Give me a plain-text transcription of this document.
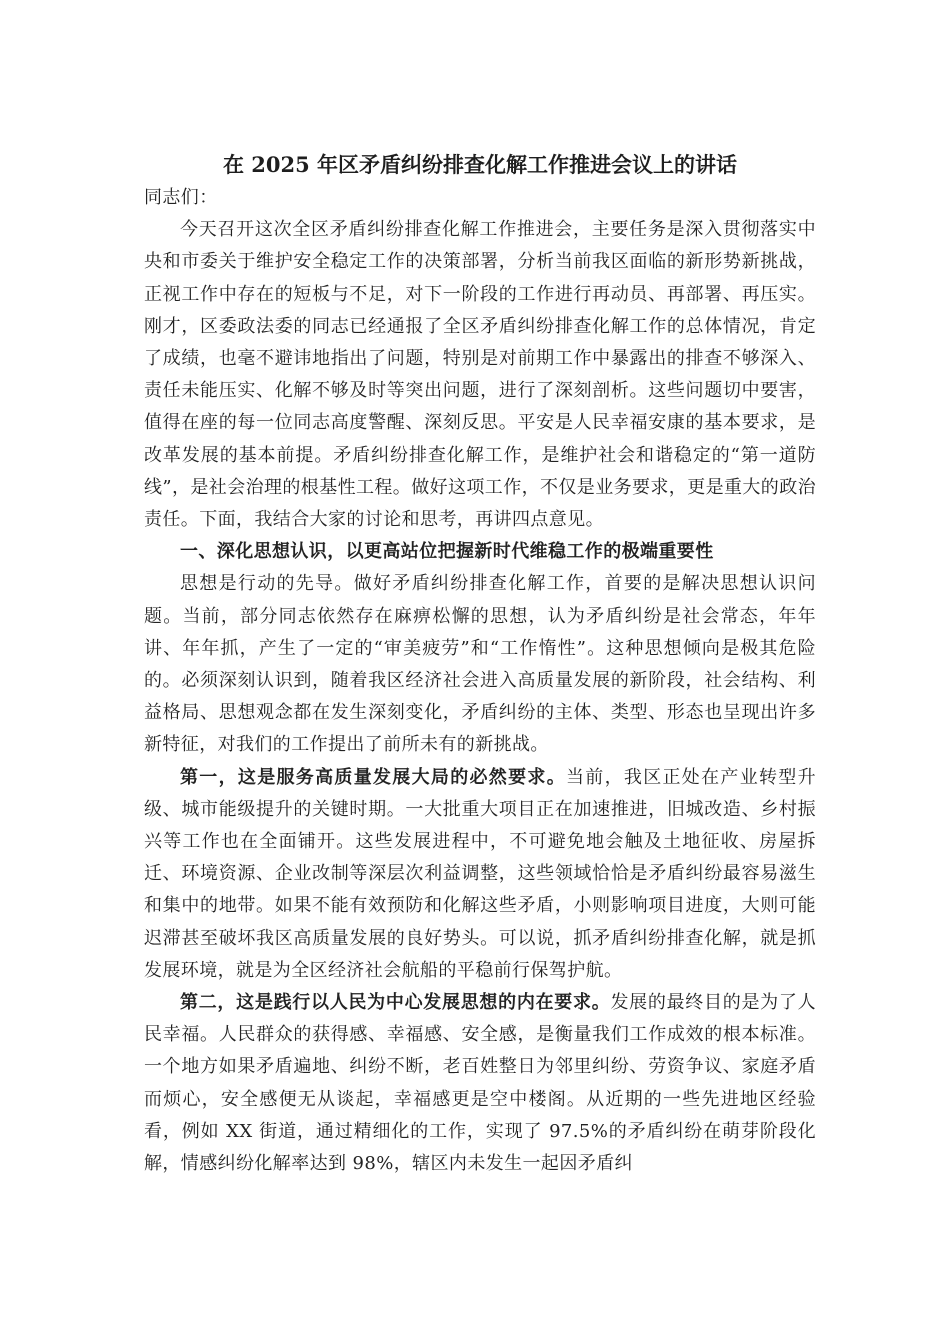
在 2025 年区矛盾纠纷排查化解工作推进会议上的讲话

同志们：

今天召开这次全区矛盾纠纷排查化解工作推进会，主要任务是深入贯彻落实中央和市委关于维护安全稳定工作的决策部署，分析当前我区面临的新形势新挑战，正视工作中存在的短板与不足，对下一阶段的工作进行再动员、再部署、再压实。刚才，区委政法委的同志已经通报了全区矛盾纠纷排查化解工作的总体情况，肯定了成绩，也毫不避讳地指出了问题，特别是对前期工作中暴露出的排查不够深入、责任未能压实、化解不够及时等突出问题，进行了深刻剖析。这些问题切中要害，值得在座的每一位同志高度警醒、深刻反思。平安是人民幸福安康的基本要求，是改革发展的基本前提。矛盾纠纷排查化解工作，是维护社会和谐稳定的“第一道防线”，是社会治理的根基性工程。做好这项工作，不仅是业务要求，更是重大的政治责任。下面，我结合大家的讨论和思考，再讲四点意见。

一、深化思想认识，以更高站位把握新时代维稳工作的极端重要性

思想是行动的先导。做好矛盾纠纷排查化解工作，首要的是解决思想认识问题。当前，部分同志依然存在麻痹松懈的思想，认为矛盾纠纷是社会常态，年年讲、年年抓，产生了一定的“审美疲劳”和“工作惰性”。这种思想倾向是极其危险的。必须深刻认识到，随着我区经济社会进入高质量发展的新阶段，社会结构、利益格局、思想观念都在发生深刻变化，矛盾纠纷的主体、类型、形态也呈现出许多新特征，对我们的工作提出了前所未有的新挑战。

第一，这是服务高质量发展大局的必然要求。当前，我区正处在产业转型升级、城市能级提升的关键时期。一大批重大项目正在加速推进，旧城改造、乡村振兴等工作也在全面铺开。这些发展进程中，不可避免地会触及土地征收、房屋拆迁、环境资源、企业改制等深层次利益调整，这些领域恰恰是矛盾纠纷最容易滋生和集中的地带。如果不能有效预防和化解这些矛盾，小则影响项目进度，大则可能迟滞甚至破坏我区高质量发展的良好势头。可以说，抓矛盾纠纷排查化解，就是抓发展环境，就是为全区经济社会航船的平稳前行保驾护航。

第二，这是践行以人民为中心发展思想的内在要求。发展的最终目的是为了人民幸福。人民群众的获得感、幸福感、安全感，是衡量我们工作成效的根本标准。一个地方如果矛盾遍地、纠纷不断，老百姓整日为邻里纠纷、劳资争议、家庭矛盾而烦心，安全感便无从谈起，幸福感更是空中楼阁。从近期的一些先进地区经验看，例如 XX 街道，通过精细化的工作，实现了 97.5%的矛盾纠纷在萌芽阶段化解，情感纠纷化解率达到 98%，辖区内未发生一起因矛盾纠
